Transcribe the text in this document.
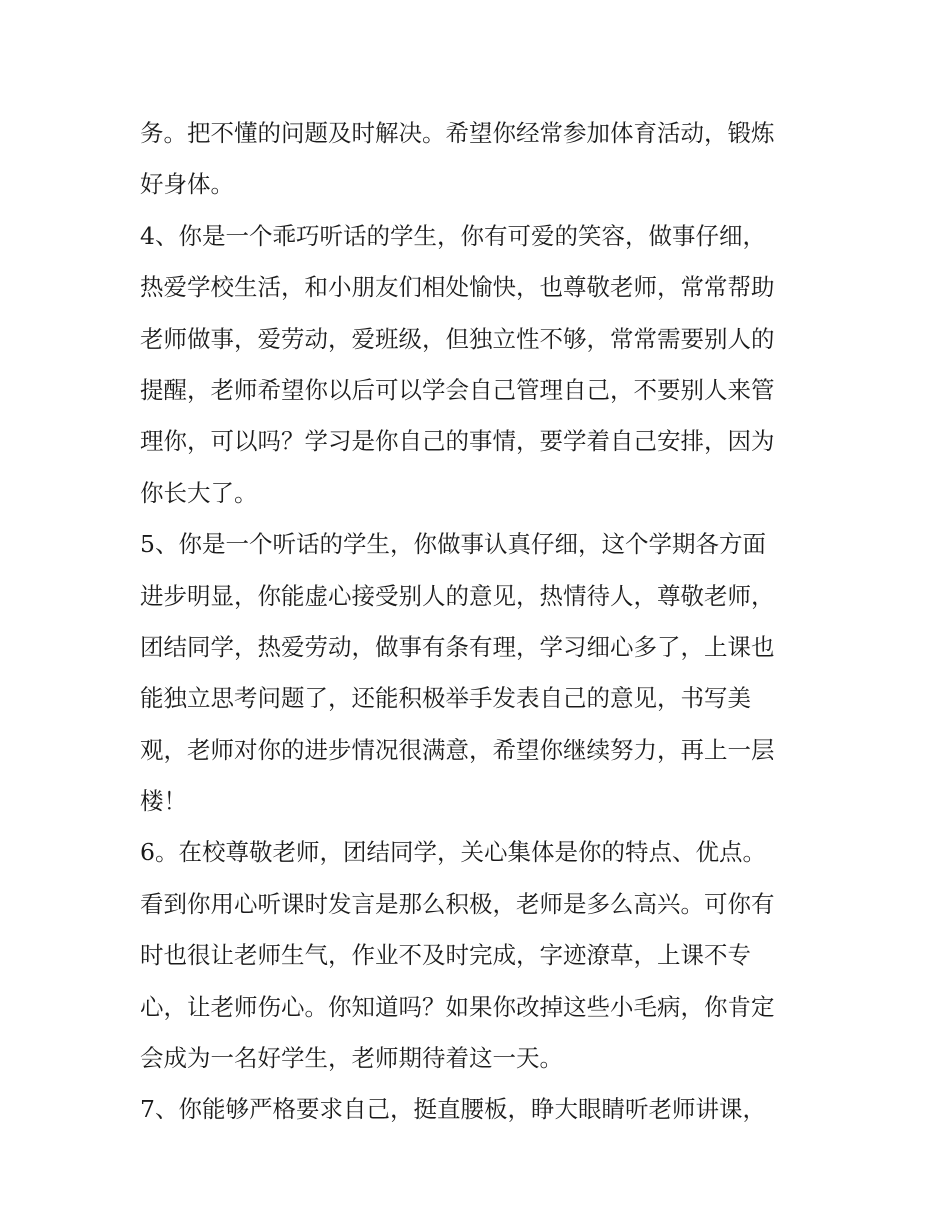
务。把不懂的问题及时解决。希望你经常参加体育活动，锻炼
好身体。
4、你是一个乖巧听话的学生，你有可爱的笑容，做事仔细，
热爱学校生活，和小朋友们相处愉快，也尊敬老师，常常帮助
老师做事，爱劳动，爱班级，但独立性不够，常常需要别人的
提醒，老师希望你以后可以学会自己管理自己，不要别人来管
理你，可以吗？学习是你自己的事情，要学着自己安排，因为
你长大了。
5、你是一个听话的学生，你做事认真仔细，这个学期各方面
进步明显，你能虚心接受别人的意见，热情待人，尊敬老师，
团结同学，热爱劳动，做事有条有理，学习细心多了，上课也
能独立思考问题了，还能积极举手发表自己的意见，书写美
观，老师对你的进步情况很满意，希望你继续努力，再上一层
楼！
6。在校尊敬老师，团结同学，关心集体是你的特点、优点。
看到你用心听课时发言是那么积极，老师是多么高兴。可你有
时也很让老师生气，作业不及时完成，字迹潦草，上课不专
心，让老师伤心。你知道吗？如果你改掉这些小毛病，你肯定
会成为一名好学生，老师期待着这一天。
7、你能够严格要求自己，挺直腰板，睁大眼睛听老师讲课，
